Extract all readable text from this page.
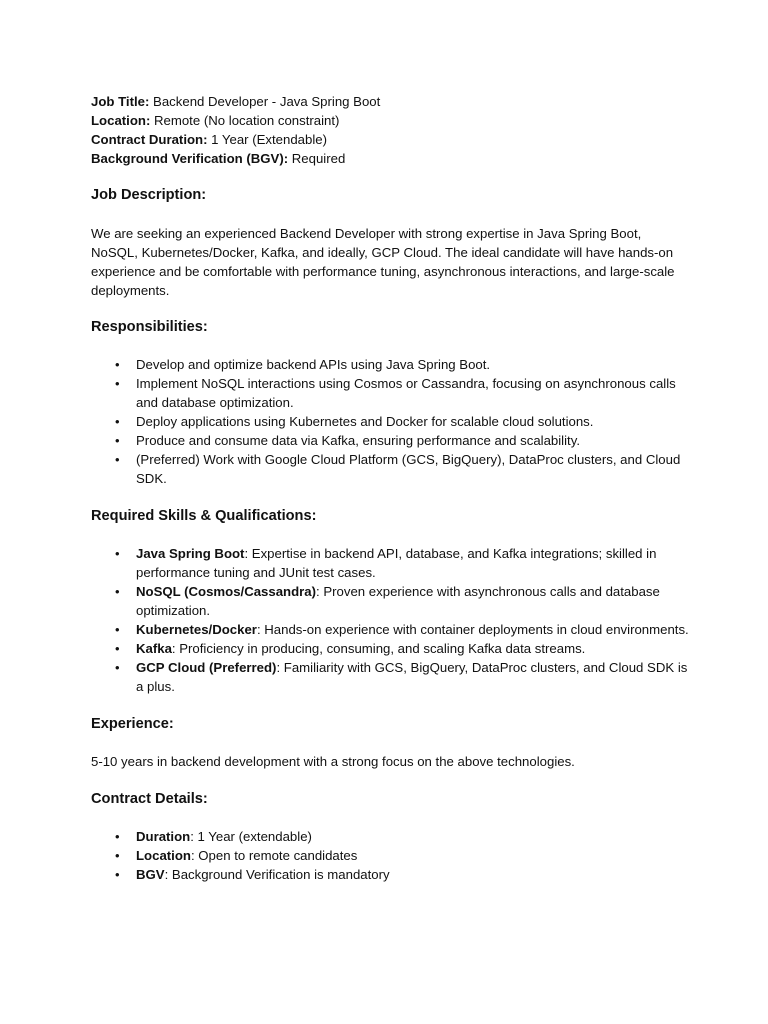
Job Title: Backend Developer - Java Spring Boot
Location: Remote (No location constraint)
Contract Duration: 1 Year (Extendable)
Background Verification (BGV): Required
Job Description:
We are seeking an experienced Backend Developer with strong expertise in Java Spring Boot, NoSQL, Kubernetes/Docker, Kafka, and ideally, GCP Cloud. The ideal candidate will have hands-on experience and be comfortable with performance tuning, asynchronous interactions, and large-scale deployments.
Responsibilities:
• Develop and optimize backend APIs using Java Spring Boot.
• Implement NoSQL interactions using Cosmos or Cassandra, focusing on asynchronous calls and database optimization.
• Deploy applications using Kubernetes and Docker for scalable cloud solutions.
• Produce and consume data via Kafka, ensuring performance and scalability.
• (Preferred) Work with Google Cloud Platform (GCS, BigQuery), DataProc clusters, and Cloud SDK.
Required Skills & Qualifications:
• Java Spring Boot: Expertise in backend API, database, and Kafka integrations; skilled in performance tuning and JUnit test cases.
• NoSQL (Cosmos/Cassandra): Proven experience with asynchronous calls and database optimization.
• Kubernetes/Docker: Hands-on experience with container deployments in cloud environments.
• Kafka: Proficiency in producing, consuming, and scaling Kafka data streams.
• GCP Cloud (Preferred): Familiarity with GCS, BigQuery, DataProc clusters, and Cloud SDK is a plus.
Experience:
5-10 years in backend development with a strong focus on the above technologies.
Contract Details:
• Duration: 1 Year (extendable)
• Location: Open to remote candidates
• BGV: Background Verification is mandatory
